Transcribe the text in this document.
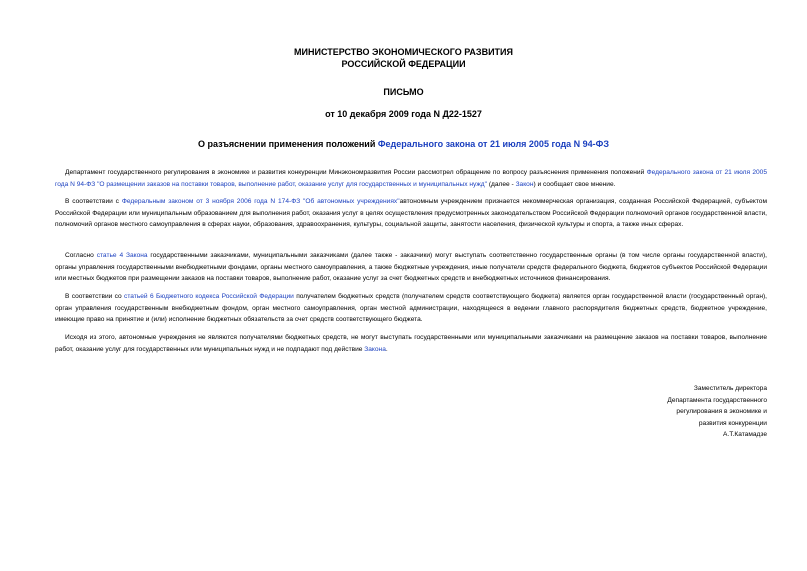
МИНИСТЕРСТВО ЭКОНОМИЧЕСКОГО РАЗВИТИЯ
РОССИЙСКОЙ ФЕДЕРАЦИИ
ПИСЬМО
от 10 декабря 2009 года N Д22-1527
О разъяснении применения положений Федерального закона от 21 июля 2005 года N 94-ФЗ
Департамент государственного регулирования в экономике и развития конкуренции Минэкономразвития России рассмотрел обращение по вопросу разъяснения применения положений Федерального закона от 21 июля 2005 года N 94-ФЗ "О размещении заказов на поставки товаров, выполнение работ, оказание услуг для государственных и муниципальных нужд" (далее - Закон) и сообщает свое мнение.
В соответствии с Федеральным законом от 3 ноября 2006 года N 174-ФЗ "Об автономных учреждениях"автономным учреждением признается некоммерческая организация, созданная Российской Федерацией, субъектом Российской Федерации или муниципальным образованием для выполнения работ, оказания услуг в целях осуществления предусмотренных законодательством Российской Федерации полномочий органов государственной власти, полномочий органов местного самоуправления в сферах науки, образования, здравоохранения, культуры, социальной защиты, занятости населения, физической культуры и спорта, а также иных сферах.
Согласно статье 4 Закона государственными заказчиками, муниципальными заказчиками (далее также - заказчики) могут выступать соответственно государственные органы (в том числе органы государственной власти), органы управления государственными внебюджетными фондами, органы местного самоуправления, а также бюджетные учреждения, иные получатели средств федерального бюджета, бюджетов субъектов Российской Федерации или местных бюджетов при размещении заказов на поставки товаров, выполнение работ, оказание услуг за счет бюджетных средств и внебюджетных источников финансирования.
В соответствии со статьей 6 Бюджетного кодекса Российской Федерации получателем бюджетных средств (получателем средств соответствующего бюджета) является орган государственной власти (государственный орган), орган управления государственным внебюджетным фондом, орган местного самоуправления, орган местной администрации, находящееся в ведении главного распорядителя бюджетных средств, бюджетное учреждение, имеющие право на принятие и (или) исполнение бюджетных обязательств за счет средств соответствующего бюджета.
Исходя из этого, автономные учреждения не являются получателями бюджетных средств, не могут выступать государственными или муниципальными заказчиками на размещение заказов на поставки товаров, выполнение работ, оказание услуг для государственных или муниципальных нужд и не подпадают под действие Закона.
Заместитель директора
Департамента государственного
регулирования в экономике и
развития конкуренции
А.Т.Катамадзе
